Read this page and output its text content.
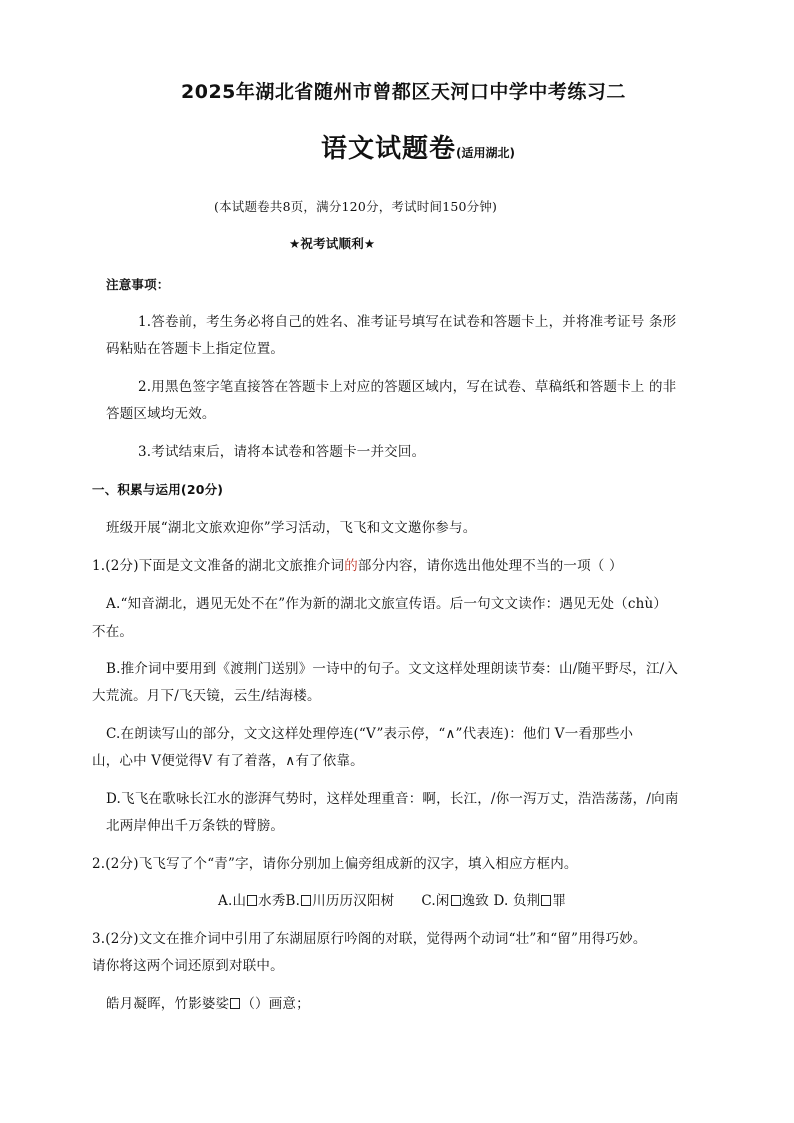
2025年湖北省随州市曾都区天河口中学中考练习二
语文试题卷(适用湖北)
(本试题卷共8页，满分120分，考试时间150分钟)
★祝考试顺利★
注意事项：
1.答卷前，考生务必将自己的姓名、准考证号填写在试卷和答题卡上，并将准考证号 条形
码粘贴在答题卡上指定位置。
2.用黑色签字笔直接答在答题卡上对应的答题区域内，写在试卷、草稿纸和答题卡上 的非
答题区域均无效。
3.考试结束后，请将本试卷和答题卡一并交回。
一、积累与运用(20分)
班级开展“湖北文旅欢迎你”学习活动，飞飞和文文邀你参与。
1.(2分)下面是文文准备的湖北文旅推介词的部分内容，请你选出他处理不当的一项（ ）
A.“知音湖北，遇见无处不在”作为新的湖北文旅宣传语。后一句文文读作：遇见无处（chù）
不在。
B.推介词中要用到《渡荆门送别》一诗中的句子。文文这样处理朗读节奏：山/随平野尽，江/入
大荒流。月下/飞天镜，云生/结海楼。
C.在朗读写山的部分，文文这样处理停连(“V”表示停，“∧”代表连)：他们 V一看那些小
山，心中 V便觉得V 有了着落，∧有了依靠。
D.飞飞在歌咏长江水的澎湃气势时，这样处理重音：啊，长江，/你一泻万丈，浩浩荡荡，/向南
北两岸伸出千万条铁的臂膀。
2.(2分)飞飞写了个“青”字，请你分别加上偏旁组成新的汉字，填入相应方框内。
A.山 水秀B. 川历历汉阳树 C.闲 逸致 D. 负荆 罪
3.(2分)文文在推介词中引用了东湖屈原行吟阁的对联，觉得两个动词“壮”和“留”用得巧妙。
请你将这两个词还原到对联中。
皓月凝晖，竹影婆娑 （）画意；
